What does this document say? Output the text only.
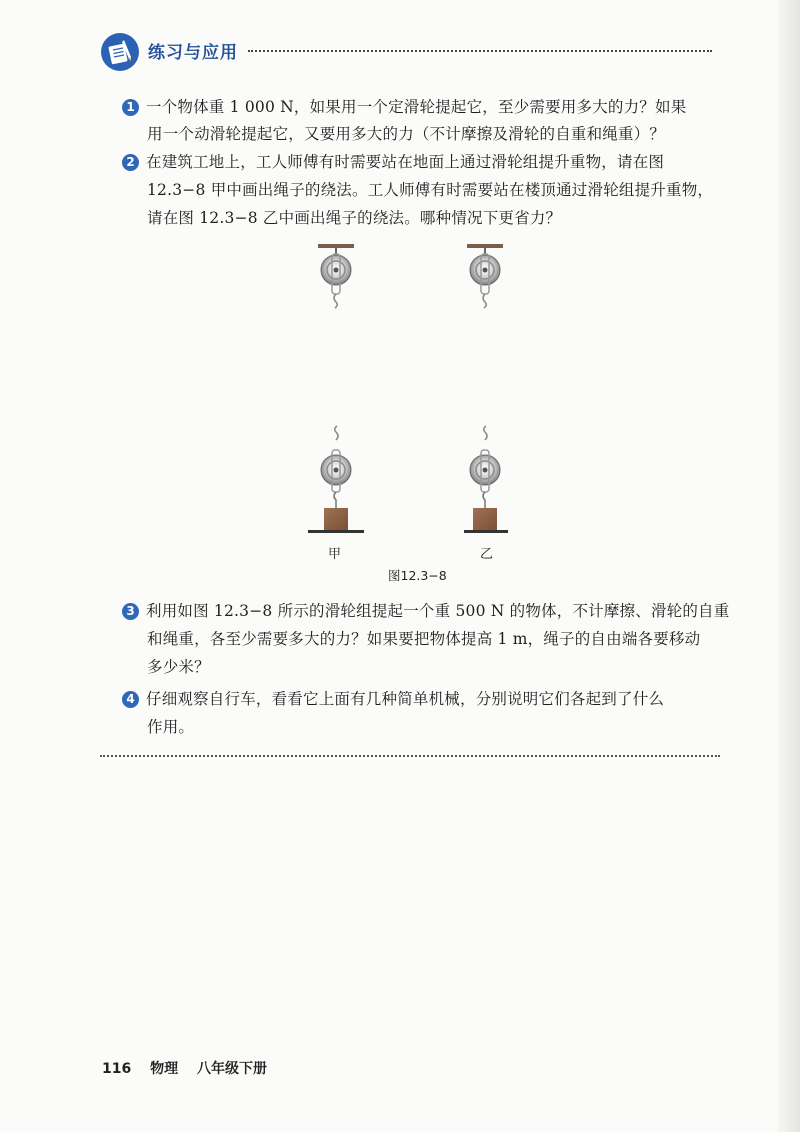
练习与应用
1 一个物体重 1 000 N，如果用一个定滑轮提起它，至少需要用多大的力？如果
用一个动滑轮提起它，又要用多大的力（不计摩擦及滑轮的自重和绳重）？
2 在建筑工地上，工人师傅有时需要站在地面上通过滑轮组提升重物，请在图
12.3−8 甲中画出绳子的绕法。工人师傅有时需要站在楼顶通过滑轮组提升重物，
请在图 12.3−8 乙中画出绳子的绕法。哪种情况下更省力？
甲	乙
图12.3−8
3 利用如图 12.3−8 所示的滑轮组提起一个重 500 N 的物体，不计摩擦、滑轮的自重
和绳重，各至少需要多大的力？如果要把物体提高 1 m，绳子的自由端各要移动
多少米？
4 仔细观察自行车，看看它上面有几种简单机械，分别说明它们各起到了什么
作用。
116 物理 八年级下册
